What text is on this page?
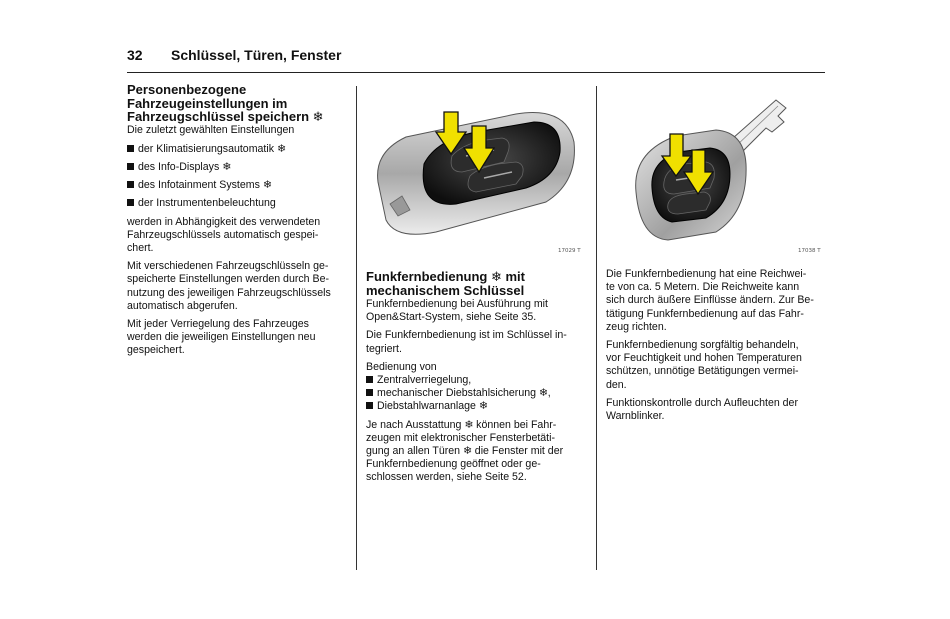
32 Schlüssel, Türen, Fenster
Personenbezogene
Fahrzeugeinstellungen im
Fahrzeugschlüssel speichern ❄

Die zuletzt gewählten Einstellungen

der Klimatisierungsautomatik ❄
des Info-Displays ❄
des Infotainment Systems ❄
der Instrumentenbeleuchtung

werden in Abhängigkeit des verwendeten
Fahrzeugschlüssels automatisch gespei-
chert.

Mit verschiedenen Fahrzeugschlüsseln ge-
speicherte Einstellungen werden durch Be-
nutzung des jeweiligen Fahrzeugschlüssels
automatisch abgerufen.

Mit jeder Verriegelung des Fahrzeuges
werden die jeweiligen Einstellungen neu
gespeichert.

17029 T	17038 T
Funkfernbedienung ❄ mit
mechanischem Schlüssel

Funkfernbedienung bei Ausführung mit
Open&Start-System, siehe Seite 35.

Die Funkfernbedienung ist im Schlüssel in-
tegriert.

Bedienung von
Zentralverriegelung,
mechanischer Diebstahlsicherung ❄,
Diebstahlwarnanlage ❄

Je nach Ausstattung ❄ können bei Fahr-
zeugen mit elektronischer Fensterbetäti-
gung an allen Türen ❄ die Fenster mit der
Funkfernbedienung geöffnet oder ge-
schlossen werden, siehe Seite 52.

Die Funkfernbedienung hat eine Reichwei-
te von ca. 5 Metern. Die Reichweite kann
sich durch äußere Einflüsse ändern. Zur Be-
tätigung Funkfernbedienung auf das Fahr-
zeug richten.

Funkfernbedienung sorgfältig behandeln,
vor Feuchtigkeit und hohen Temperaturen
schützen, unnötige Betätigungen vermei-
den.

Funktionskontrolle durch Aufleuchten der
Warnblinker.
